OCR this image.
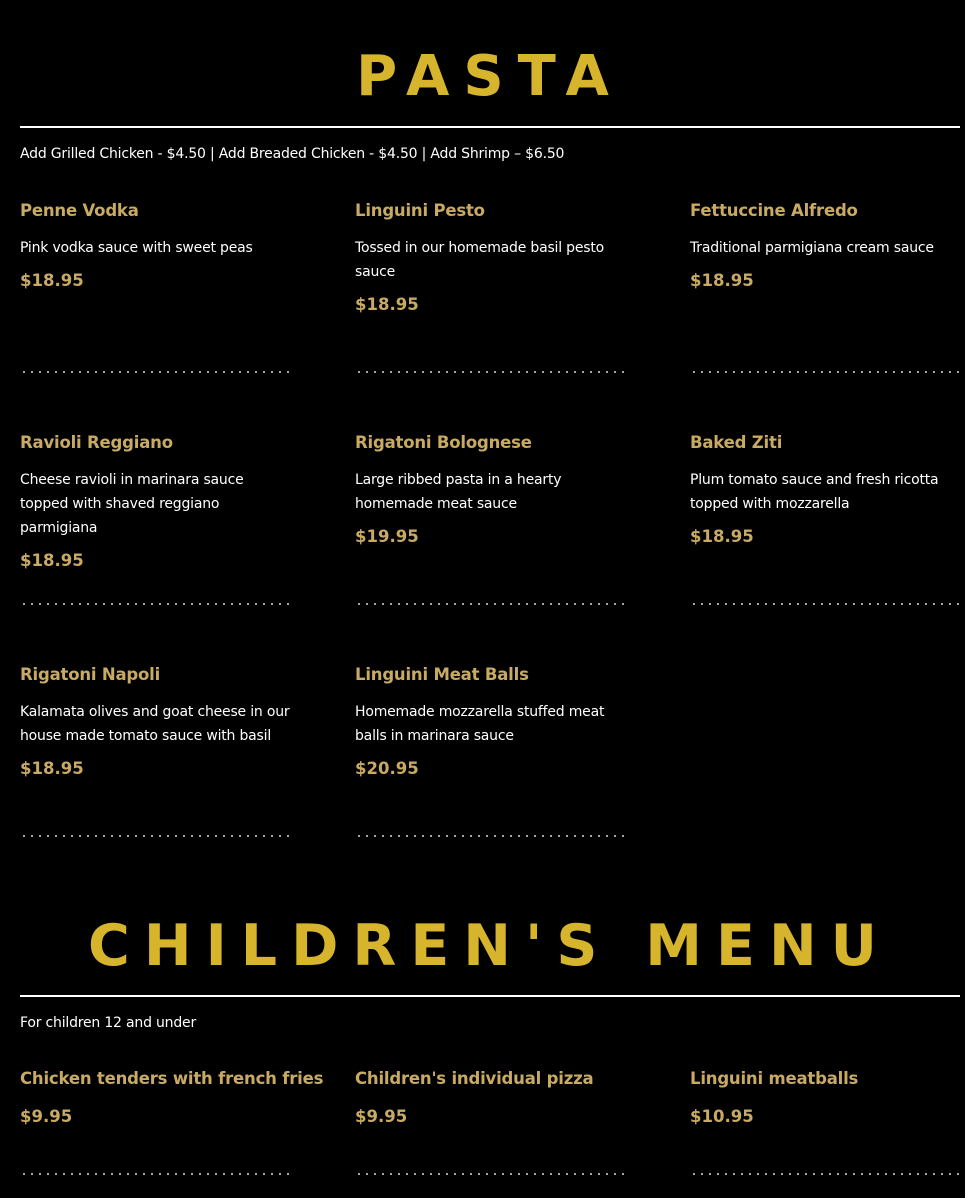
PASTA
Add Grilled Chicken - $4.50 | Add Breaded Chicken - $4.50 | Add Shrimp – $6.50
Penne Vodka
Pink vodka sauce with sweet peas
$18.95
Linguini Pesto
Tossed in our homemade basil pesto sauce
$18.95
Fettuccine Alfredo
Traditional parmigiana cream sauce
$18.95
Ravioli Reggiano
Cheese ravioli in marinara sauce topped with shaved reggiano parmigiana
$18.95
Rigatoni Bolognese
Large ribbed pasta in a hearty homemade meat sauce
$19.95
Baked Ziti
Plum tomato sauce and fresh ricotta topped with mozzarella
$18.95
Rigatoni Napoli
Kalamata olives and goat cheese in our house made tomato sauce with basil
$18.95
Linguini Meat Balls
Homemade mozzarella stuffed meat balls in marinara sauce
$20.95
CHILDREN'S MENU
For children 12 and under
Chicken tenders with french fries
$9.95
Children's individual pizza
$9.95
Linguini meatballs
$10.95
